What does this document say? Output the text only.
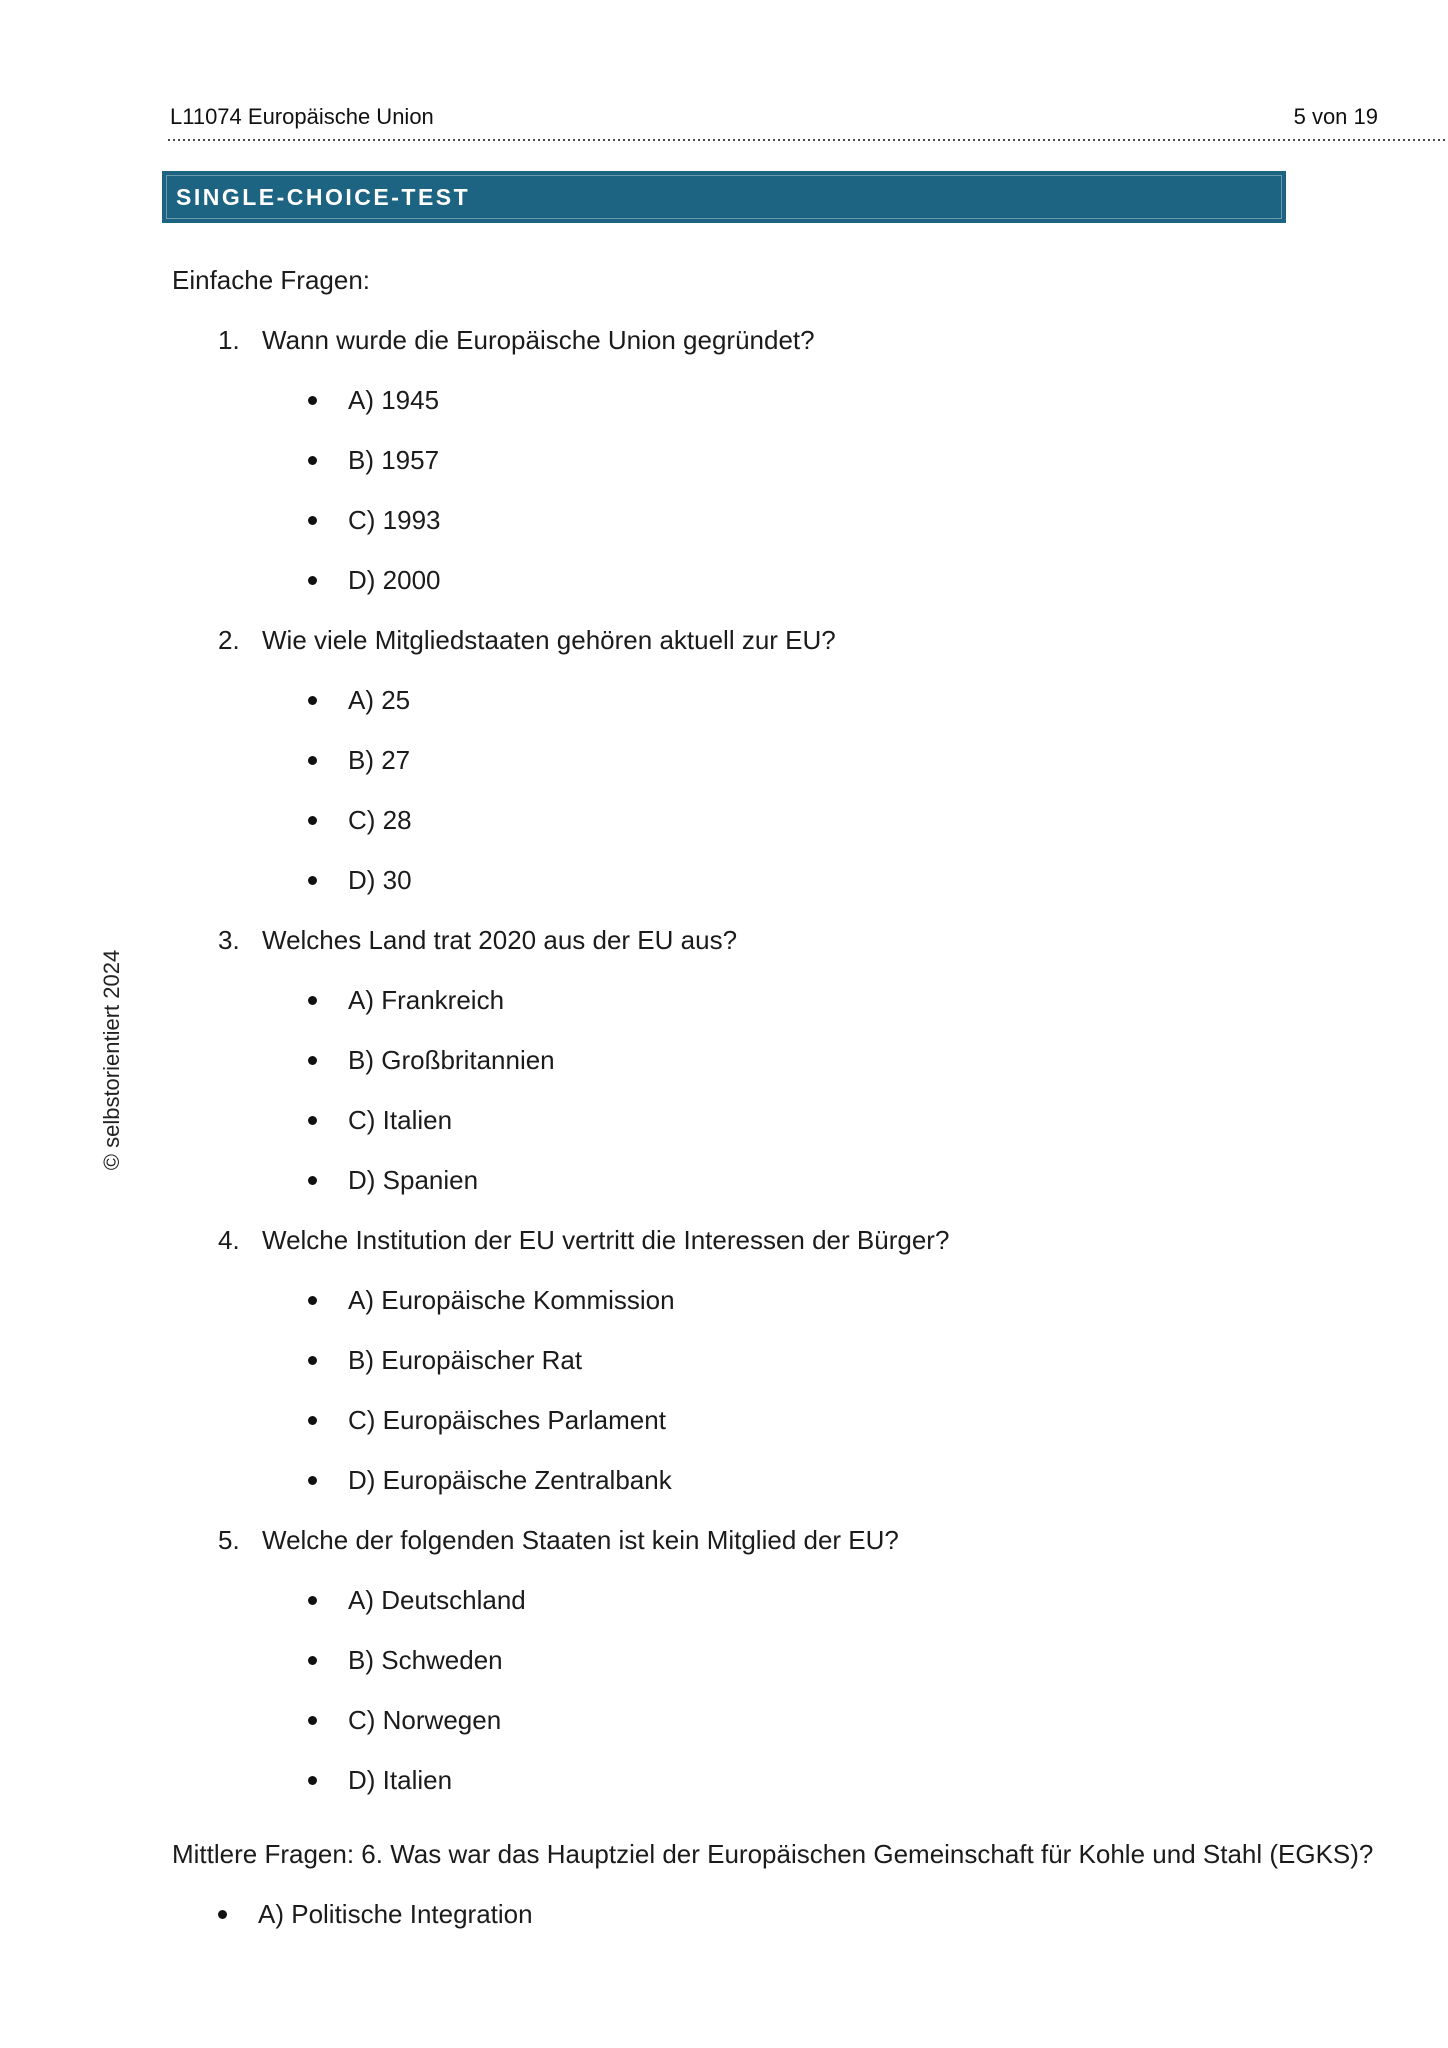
L11074 Europäische Union	5 von 19
SINGLE-CHOICE-TEST
Einfache Fragen:
1. Wann wurde die Europäische Union gegründet?
A) 1945
B) 1957
C) 1993
D) 2000
2. Wie viele Mitgliedstaaten gehören aktuell zur EU?
A) 25
B) 27
C) 28
D) 30
3. Welches Land trat 2020 aus der EU aus?
A) Frankreich
B) Großbritannien
C) Italien
D) Spanien
4. Welche Institution der EU vertritt die Interessen der Bürger?
A) Europäische Kommission
B) Europäischer Rat
C) Europäisches Parlament
D) Europäische Zentralbank
5. Welche der folgenden Staaten ist kein Mitglied der EU?
A) Deutschland
B) Schweden
C) Norwegen
D) Italien
Mittlere Fragen: 6. Was war das Hauptziel der Europäischen Gemeinschaft für Kohle und Stahl (EGKS)?
A) Politische Integration
© selbstorientiert 2024
